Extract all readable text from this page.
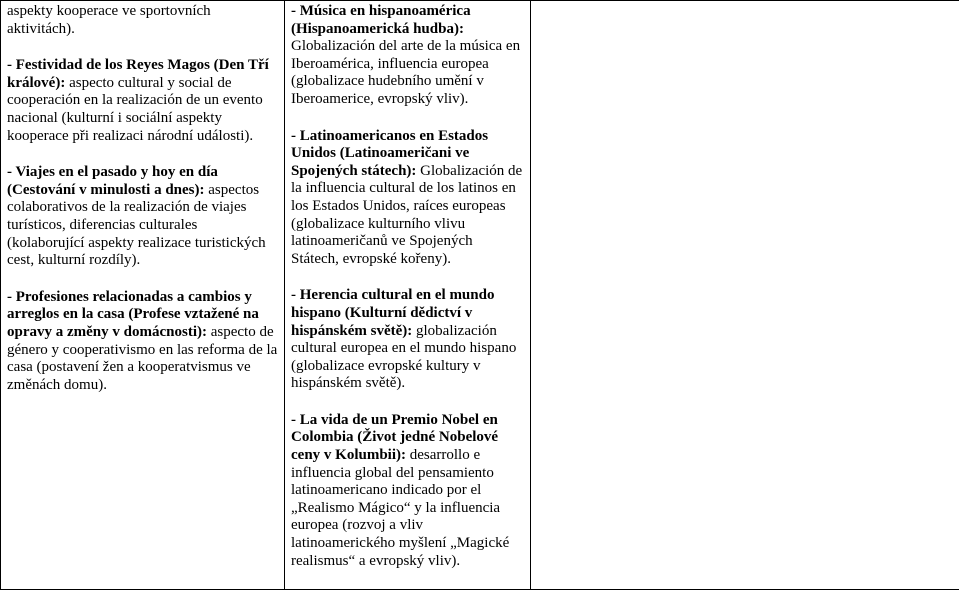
aspekty kooperace ve sportovních aktivitách).

- Festividad de los Reyes Magos (Den Tří králové): aspecto cultural y social de cooperación en la realización de un evento nacional (kulturní i sociální aspekty kooperace při realizaci národní události).

- Viajes en el pasado y hoy en día (Cestování v minulosti a dnes): aspectos colaborativos de la realización de viajes turísticos, diferencias culturales (kolaborující aspekty realizace turistických cest, kulturní rozdíly).

- Profesiones relacionadas a cambios y arreglos en la casa (Profese vztažené na opravy a změny v domácnosti): aspecto de género y cooperativismo en las reforma de la casa (postavení žen a kooperatvismus ve změnách domu).

- Música en hispanoamérica (Hispanoamerická hudba): Globalización del arte de la música en Iberoamérica, influencia europea (globalizace hudebního umění v Iberoamerice, evropský vliv).

- Latinoamericanos en Estados Unidos (Latinoameričani ve Spojených státech): Globalización de la influencia cultural de los latinos en los Estados Unidos, raíces europeas (globalizace kulturního vlivu latinoameričanů ve Spojených Státech, evropské kořeny).

- Herencia cultural en el mundo hispano (Kulturní dědictví v hispánském světě): globalización cultural europea en el mundo hispano (globalizace evropské kultury v hispánském světě).

- La vida de un Premio Nobel en Colombia (Život jedné Nobelové ceny v Kolumbii): desarrollo e influencia global del pensamiento latinoamericano indicado por el „Realismo Mágico“ y la influencia europea (rozvoj a vliv latinoamerického myšlení „Magické realismus“ a evropský vliv).
